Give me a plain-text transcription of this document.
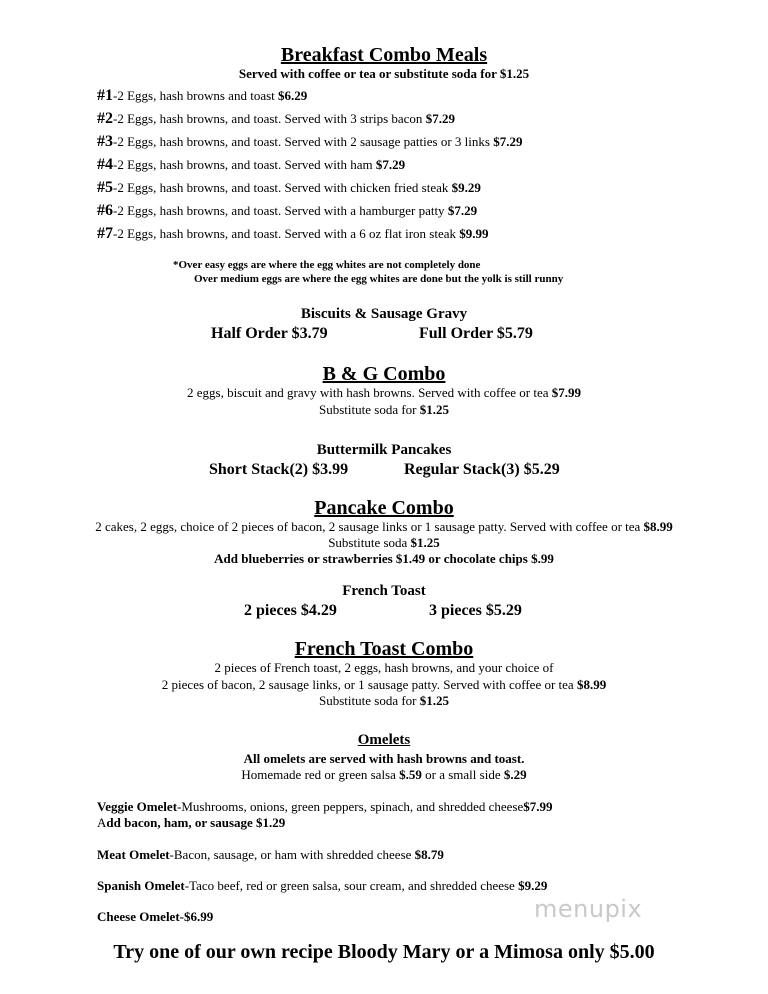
Breakfast Combo Meals
Served with coffee or tea or substitute soda for $1.25
#1-2 Eggs, hash browns and toast $6.29
#2-2 Eggs, hash browns, and toast. Served with 3 strips bacon $7.29
#3-2 Eggs, hash browns, and toast. Served with 2 sausage patties or 3 links $7.29
#4-2 Eggs, hash browns, and toast. Served with ham $7.29
#5-2 Eggs, hash browns, and toast. Served with chicken fried steak $9.29
#6-2 Eggs, hash browns, and toast. Served with a hamburger patty $7.29
#7-2 Eggs, hash browns, and toast. Served with a 6 oz flat iron steak $9.99
*Over easy eggs are where the egg whites are not completely done
Over medium eggs are where the egg whites are done but the yolk is still runny
Biscuits & Sausage Gravy
Half Order $3.79	Full Order $5.79
B & G Combo
2 eggs, biscuit and gravy with hash browns. Served with coffee or tea $7.99
Substitute soda for $1.25
Buttermilk Pancakes
Short Stack(2) $3.99	Regular Stack(3) $5.29
Pancake Combo
2 cakes, 2 eggs, choice of 2 pieces of bacon, 2 sausage links or 1 sausage patty. Served with coffee or tea $8.99
Substitute soda $1.25
Add blueberries or strawberries $1.49 or chocolate chips $.99
French Toast
2 pieces $4.29	3 pieces $5.29
French Toast Combo
2 pieces of French toast, 2 eggs, hash browns, and your choice of
2 pieces of bacon, 2 sausage links, or 1 sausage patty. Served with coffee or tea $8.99
Substitute soda for $1.25
Omelets
All omelets are served with hash browns and toast.
Homemade red or green salsa $.59 or a small side $.29
Veggie Omelet-Mushrooms, onions, green peppers, spinach, and shredded cheese$7.99
Add bacon, ham, or sausage $1.29
Meat Omelet-Bacon, sausage, or ham with shredded cheese $8.79
Spanish Omelet-Taco beef, red or green salsa, sour cream, and shredded cheese $9.29
Cheese Omelet-$6.99
Try one of our own recipe Bloody Mary or a Mimosa only $5.00
menupix
